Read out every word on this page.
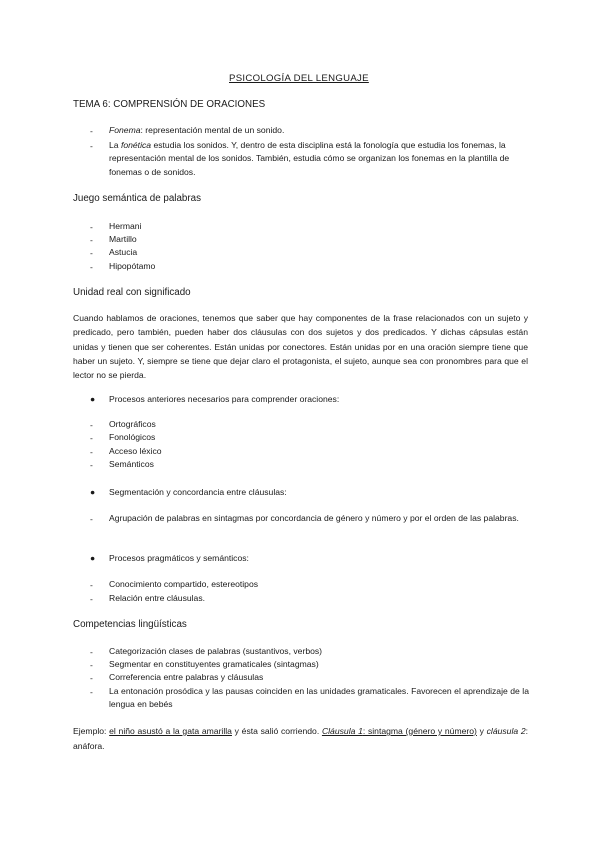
PSICOLOGÍA DEL LENGUAJE
TEMA 6: COMPRENSIÓN DE ORACIONES
- Fonema: representación mental de un sonido.
- La fonética estudia los sonidos. Y, dentro de esta disciplina está la fonología que estudia los fonemas, la representación mental de los sonidos. También, estudia cómo se organizan los fonemas en la plantilla de fonemas o de sonidos.
Juego semántica de palabras
- Hermani
- Martillo
- Astucia
- Hipopótamo
Unidad real con significado
Cuando hablamos de oraciones, tenemos que saber que hay componentes de la frase relacionados con un sujeto y predicado, pero también, pueden haber dos cláusulas con dos sujetos y dos predicados. Y dichas cápsulas están unidas y tienen que ser coherentes. Están unidas por conectores. Están unidas por en una oración siempre tiene que haber un sujeto. Y, siempre se tiene que dejar claro el protagonista, el sujeto, aunque sea con pronombres para que el lector no se pierda.
● Procesos anteriores necesarios para comprender oraciones:
- Ortográficos
- Fonológicos
- Acceso léxico
- Semánticos
● Segmentación y concordancia entre cláusulas:
- Agrupación de palabras en sintagmas por concordancia de género y número y por el orden de las palabras.
● Procesos pragmáticos y semánticos:
- Conocimiento compartido, estereotipos
- Relación entre cláusulas.
Competencias lingüísticas
- Categorización clases de palabras (sustantivos, verbos)
- Segmentar en constituyentes gramaticales (sintagmas)
- Correferencia entre palabras y cláusulas
- La entonación prosódica y las pausas coinciden en las unidades gramaticales. Favorecen el aprendizaje de la lengua en bebés
Ejemplo: el niño asustó a la gata amarilla y ésta salió corriendo. Cláusula 1: sintagma (género y número) y cláusula 2: anáfora.
